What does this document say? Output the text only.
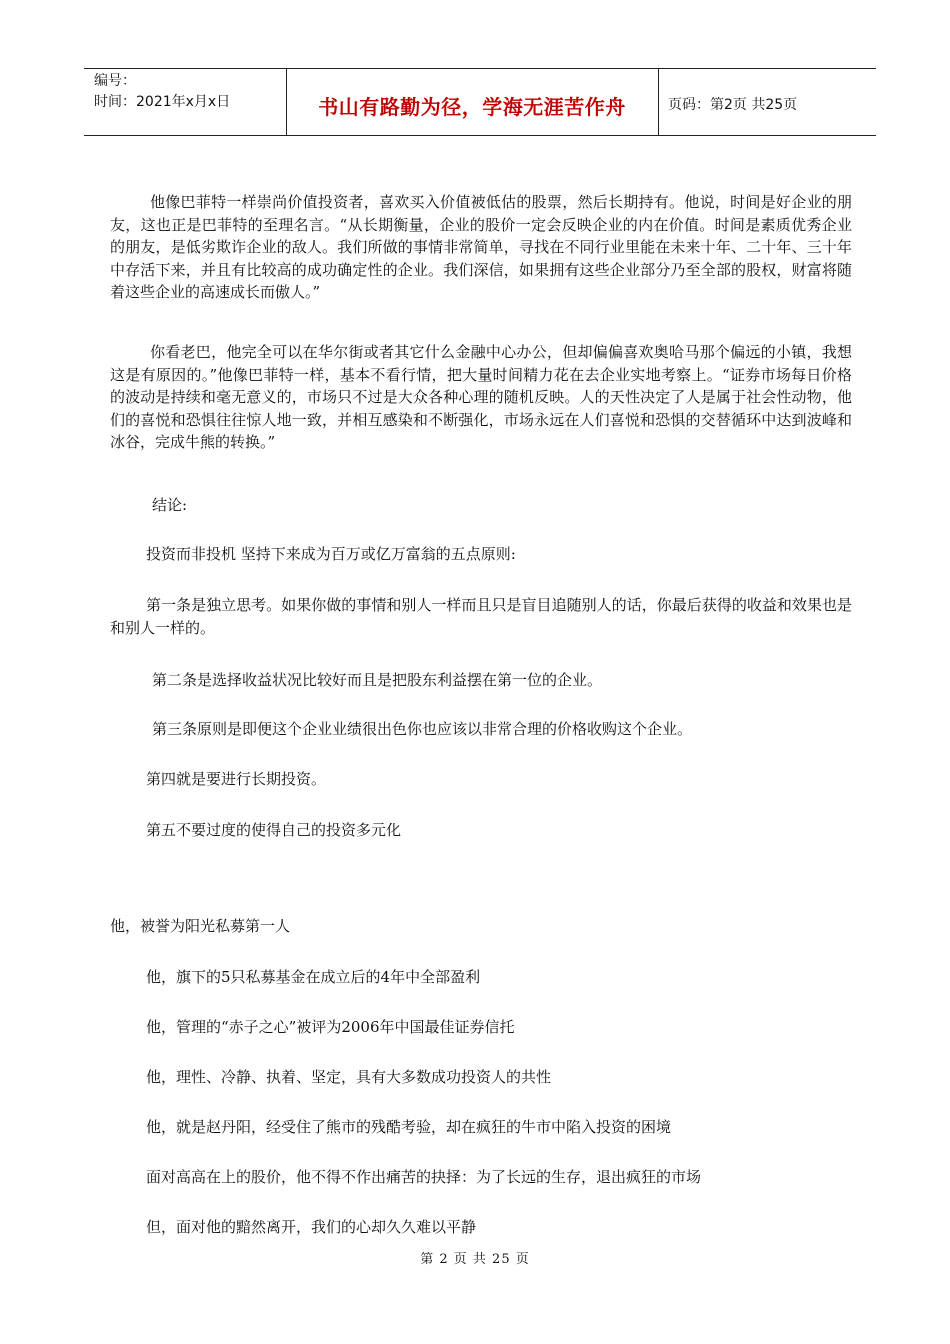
编号：
时间：2021年x月x日	书山有路勤为径，学海无涯苦作舟	页码：第2页 共25页

他像巴菲特一样崇尚价值投资者，喜欢买入价值被低估的股票，然后长期持有。他说，时间是好企业的朋友，这也正是巴菲特的至理名言。“从长期衡量，企业的股价一定会反映企业的内在价值。时间是素质优秀企业的朋友，是低劣欺诈企业的敌人。我们所做的事情非常简单，寻找在不同行业里能在未来十年、二十年、三十年中存活下来，并且有比较高的成功确定性的企业。我们深信，如果拥有这些企业部分乃至全部的股权，财富将随着这些企业的高速成长而傲人。”

你看老巴，他完全可以在华尔街或者其它什么金融中心办公，但却偏偏喜欢奥哈马那个偏远的小镇，我想这是有原因的。”他像巴菲特一样，基本不看行情，把大量时间精力花在去企业实地考察上。“证券市场每日价格的波动是持续和毫无意义的，市场只不过是大众各种心理的随机反映。人的天性决定了人是属于社会性动物，他们的喜悦和恐惧往往惊人地一致，并相互感染和不断强化，市场永远在人们喜悦和恐惧的交替循环中达到波峰和冰谷，完成牛熊的转换。”

结论:

投资而非投机 坚持下来成为百万或亿万富翁的五点原则:

第一条是独立思考。如果你做的事情和别人一样而且只是盲目追随别人的话，你最后获得的收益和效果也是和别人一样的。

第二条是选择收益状况比较好而且是把股东利益摆在第一位的企业。

第三条原则是即便这个企业业绩很出色你也应该以非常合理的价格收购这个企业。

第四就是要进行长期投资。

第五不要过度的使得自己的投资多元化

他，被誉为阳光私募第一人

他，旗下的5只私募基金在成立后的4年中全部盈利

他，管理的“赤子之心”被评为2006年中国最佳证券信托

他，理性、冷静、执着、坚定，具有大多数成功投资人的共性

他，就是赵丹阳，经受住了熊市的残酷考验，却在疯狂的牛市中陷入投资的困境

面对高高在上的股价，他不得不作出痛苦的抉择：为了长远的生存，退出疯狂的市场

但，面对他的黯然离开，我们的心却久久难以平静

第 2 页 共 25 页
